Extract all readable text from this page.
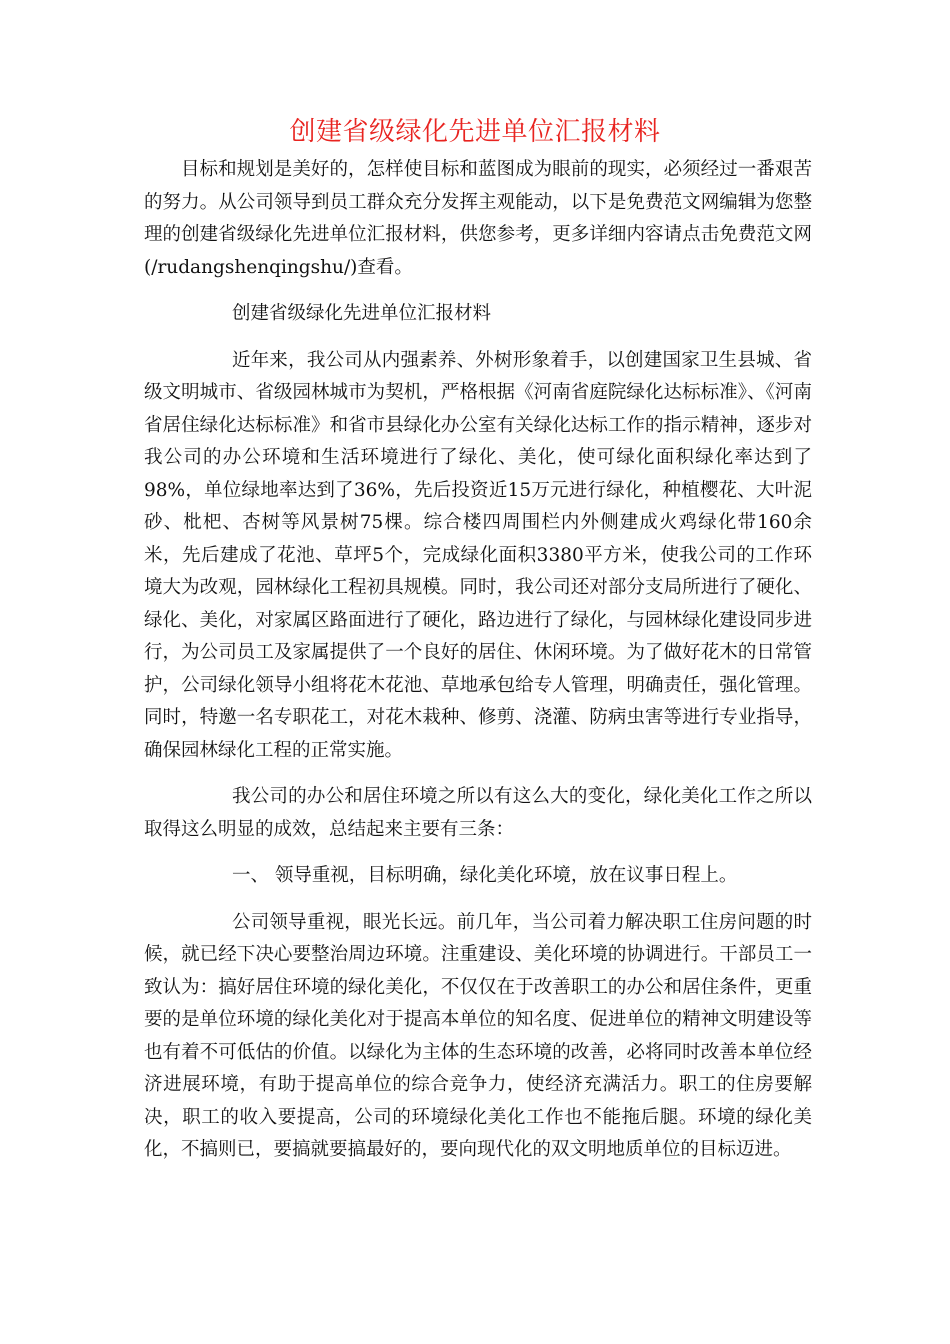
创建省级绿化先进单位汇报材料

目标和规划是美好的，怎样使目标和蓝图成为眼前的现实，必须经过一番艰苦的努力。从公司领导到员工群众充分发挥主观能动，以下是免费范文网编辑为您整理的创建省级绿化先进单位汇报材料，供您参考，更多详细内容请点击免费范文网(/rudangshenqingshu/)查看。

创建省级绿化先进单位汇报材料

近年来，我公司从内强素养、外树形象着手，以创建国家卫生县城、省级文明城市、省级园林城市为契机，严格根据《河南省庭院绿化达标标准》、《河南省居住绿化达标标准》和省市县绿化办公室有关绿化达标工作的指示精神，逐步对我公司的办公环境和生活环境进行了绿化、美化，使可绿化面积绿化率达到了98%，单位绿地率达到了36%，先后投资近15万元进行绿化，种植樱花、大叶泥砂、枇杷、杏树等风景树75棵。综合楼四周围栏内外侧建成火鸡绿化带160余米，先后建成了花池、草坪5个，完成绿化面积3380平方米，使我公司的工作环境大为改观，园林绿化工程初具规模。同时，我公司还对部分支局所进行了硬化、绿化、美化，对家属区路面进行了硬化，路边进行了绿化，与园林绿化建设同步进行，为公司员工及家属提供了一个良好的居住、休闲环境。为了做好花木的日常管护，公司绿化领导小组将花木花池、草地承包给专人管理，明确责任，强化管理。同时，特邀一名专职花工，对花木栽种、修剪、浇灌、防病虫害等进行专业指导，确保园林绿化工程的正常实施。

我公司的办公和居住环境之所以有这么大的变化，绿化美化工作之所以取得这么明显的成效，总结起来主要有三条：

一、 领导重视，目标明确，绿化美化环境，放在议事日程上。

公司领导重视，眼光长远。前几年，当公司着力解决职工住房问题的时候，就已经下决心要整治周边环境。注重建设、美化环境的协调进行。干部员工一致认为：搞好居住环境的绿化美化，不仅仅在于改善职工的办公和居住条件，更重要的是单位环境的绿化美化对于提高本单位的知名度、促进单位的精神文明建设等也有着不可低估的价值。以绿化为主体的生态环境的改善，必将同时改善本单位经济进展环境，有助于提高单位的综合竞争力，使经济充满活力。职工的住房要解决，职工的收入要提高，公司的环境绿化美化工作也不能拖后腿。环境的绿化美化，不搞则已，要搞就要搞最好的，要向现代化的双文明地质单位的目标迈进。
